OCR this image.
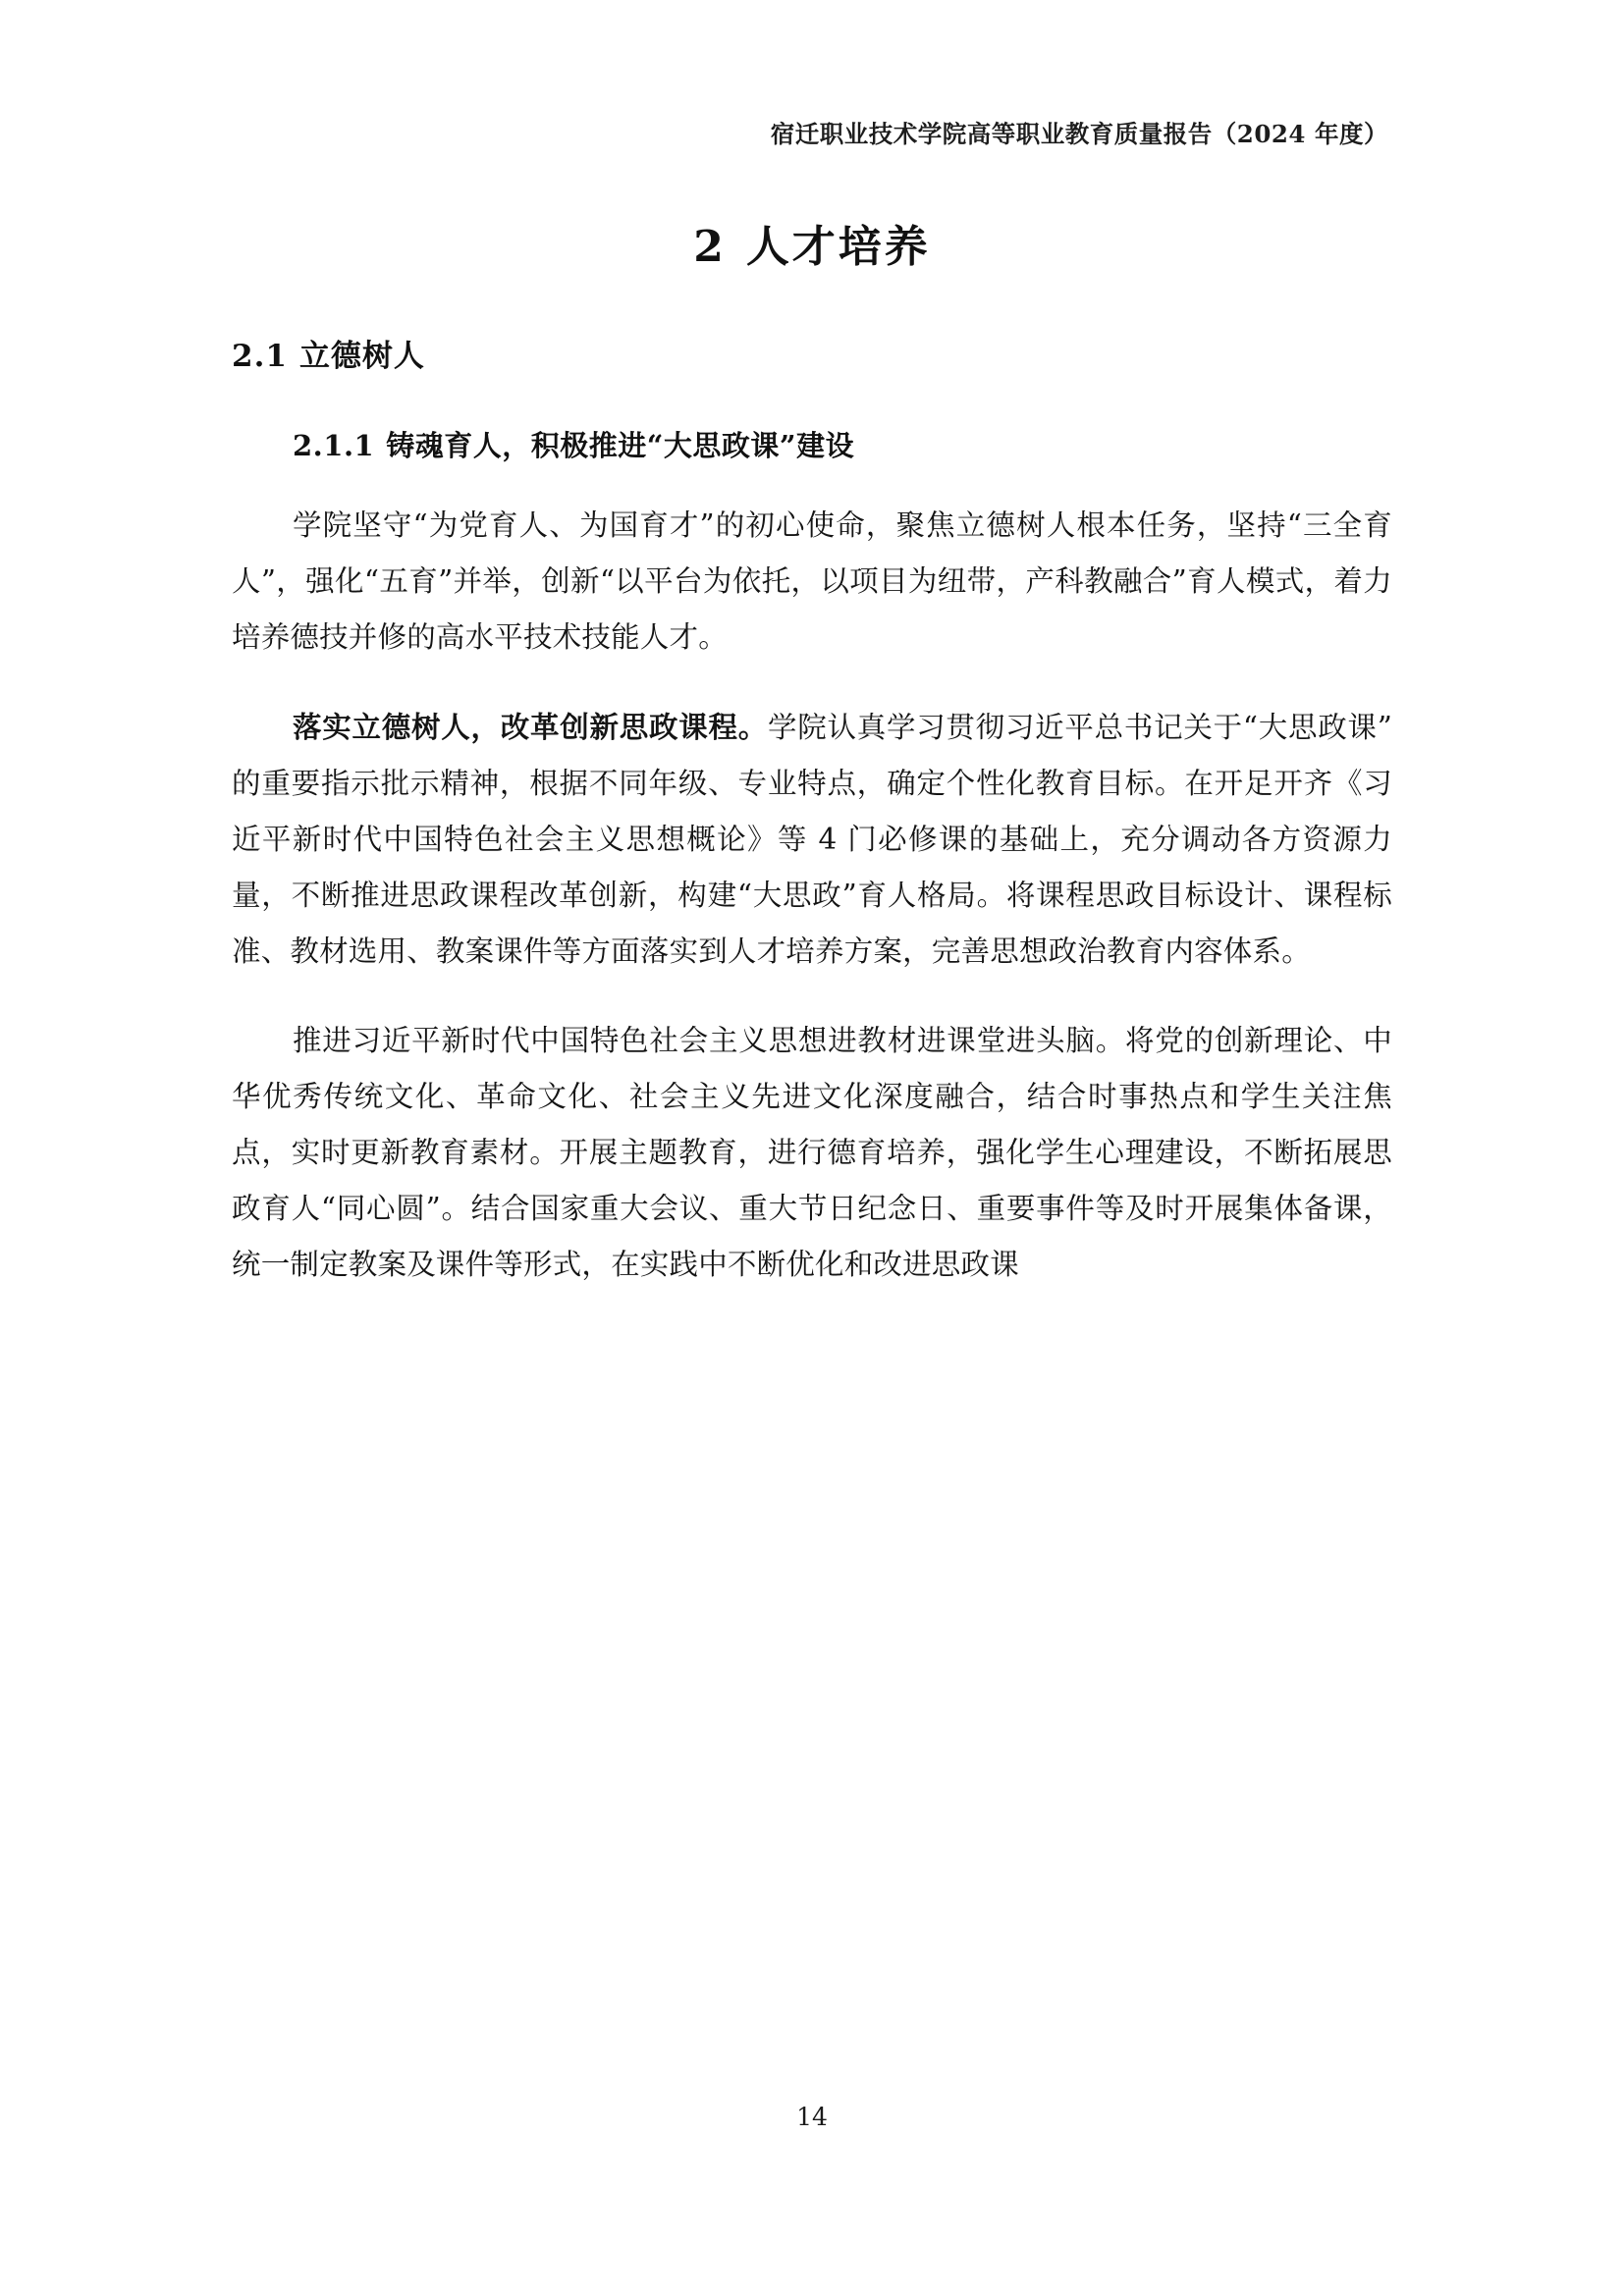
宿迁职业技术学院高等职业教育质量报告（2024 年度）
2 人才培养
2.1 立德树人
2.1.1 铸魂育人，积极推进“大思政课”建设

学院坚守“为党育人、为国育才”的初心使命，聚焦立德树人根本任务，坚持“三全育人”，强化“五育”并举，创新“以平台为依托，以项目为纽带，产科教融合”育人模式，着力培养德技并修的高水平技术技能人才。

落实立德树人，改革创新思政课程。学院认真学习贯彻习近平总书记关于“大思政课”的重要指示批示精神，根据不同年级、专业特点，确定个性化教育目标。在开足开齐《习近平新时代中国特色社会主义思想概论》等 4 门必修课的基础上，充分调动各方资源力量，不断推进思政课程改革创新，构建“大思政”育人格局。将课程思政目标设计、课程标准、教材选用、教案课件等方面落实到人才培养方案，完善思想政治教育内容体系。

推进习近平新时代中国特色社会主义思想进教材进课堂进头脑。将党的创新理论、中华优秀传统文化、革命文化、社会主义先进文化深度融合，结合时事热点和学生关注焦点，实时更新教育素材。开展主题教育，进行德育培养，强化学生心理建设，不断拓展思政育人“同心圆”。结合国家重大会议、重大节日纪念日、重要事件等及时开展集体备课，统一制定教案及课件等形式，在实践中不断优化和改进思政课

14
